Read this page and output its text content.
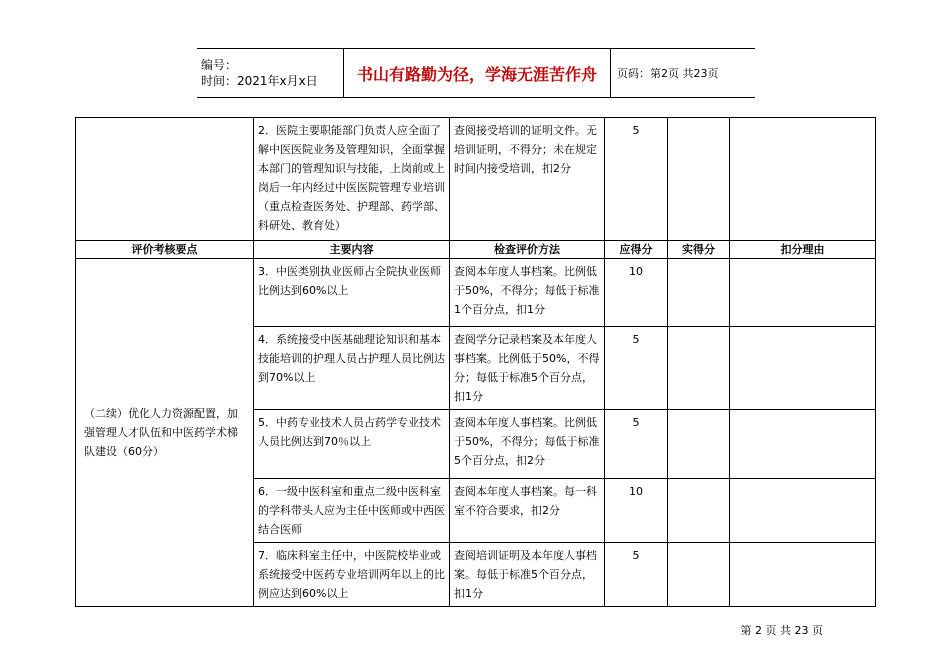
编号：
时间：2021年x月x日	书山有路勤为径，学海无涯苦作舟	页码：第2页 共23页
	2．医院主要职能部门负责人应全面了解中医医院业务及管理知识，全面掌握本部门的管理知识与技能，上岗前或上岗后一年内经过中医医院管理专业培训（重点检查医务处、护理部、药学部、科研处、教育处）	查阅接受培训的证明文件。无培训证明，不得分；未在规定时间内接受培训，扣2分	5		
评价考核要点	主要内容	检查评价方法	应得分	实得分	扣分理由
（二续）优化人力资源配置，加强管理人才队伍和中医药学术梯队建设（60分）	3．中医类别执业医师占全院执业医师比例达到60%以上	查阅本年度人事档案。比例低于50%，不得分；每低于标准1个百分点，扣1分	10		
	4．系统接受中医基础理论知识和基本技能培训的护理人员占护理人员比例达到70%以上	查阅学分记录档案及本年度人事档案。比例低于50%，不得分；每低于标准5个百分点，扣1分	5		
	5．中药专业技术人员占药学专业技术人员比例达到70％以上	查阅本年度人事档案。比例低于50%，不得分；每低于标准5个百分点，扣2分	5		
	6．一级中医科室和重点二级中医科室的学科带头人应为主任中医师或中西医结合医师	查阅本年度人事档案。每一科室不符合要求，扣2分	10		
	7．临床科室主任中，中医院校毕业或系统接受中医药专业培训两年以上的比例应达到60%以上	查阅培训证明及本年度人事档案。每低于标准5个百分点，扣1分	5		
第 2 页 共 23 页
